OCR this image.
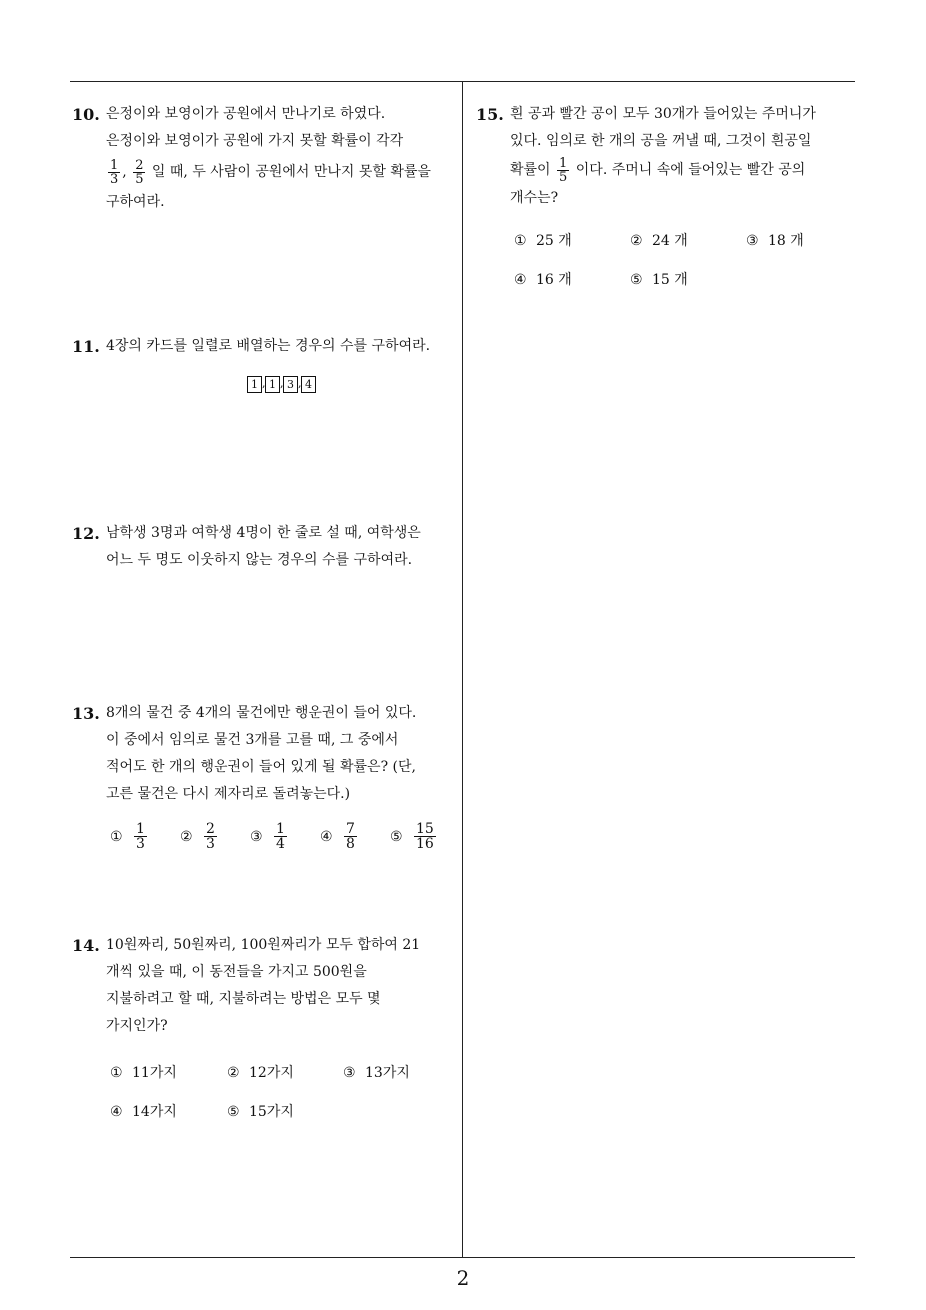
2
10. 은정이와 보영이가 공원에서 만나기로 하였다.

은정이와 보영이가 공원에 가지 못할 확률이 각각

$\frac{1}{3}$ , $\frac{2}{5}$ 일 때, 두 사람이 공원에서 만나지 못할 확률을

구하여라.

11. 4장의 카드를 일렬로 배열하는 경우의 수를 구하여라.

1 , 1 , 3 , 4
12. 남학생 3명과 여학생 4명이 한 줄로 설 때, 여학생은

어느 두 명도 이웃하지 않는 경우의 수를 구하여라.

13. 8개의 물건 중 4개의 물건에만 행운권이 들어 있다.

이 중에서 임의로 물건 3개를 고를 때, 그 중에서

적어도 한 개의 행운권이 들어 있게 될 확률은? (단,

고른 물건은 다시 제자리로 돌려놓는다.)

① $\frac{1}{3}$ ② $\frac{2}{3}$ ③ $\frac{1}{4}$ ④ $\frac{7}{8}$ ⑤ $\frac{15}{16}$
14. 10원짜리, 50원짜리, 100원짜리가 모두 합하여 21

개씩 있을 때, 이 동전들을 가지고 500원을

지불하려고 할 때, 지불하려는 방법은 모두 몇

가지인가?

① 11가지	② 12가지	③ 13가지
④ 14가지	⑤ 15가지
15. 흰 공과 빨간 공이 모두 30개가 들어있는 주머니가

있다. 임의로 한 개의 공을 꺼낼 때, 그것이 흰공일

확률이 $\frac{1}{5}$ 이다. 주머니 속에 들어있는 빨간 공의

개수는?

① 25 개	② 24 개	③ 18 개
④ 16 개	⑤ 15 개
